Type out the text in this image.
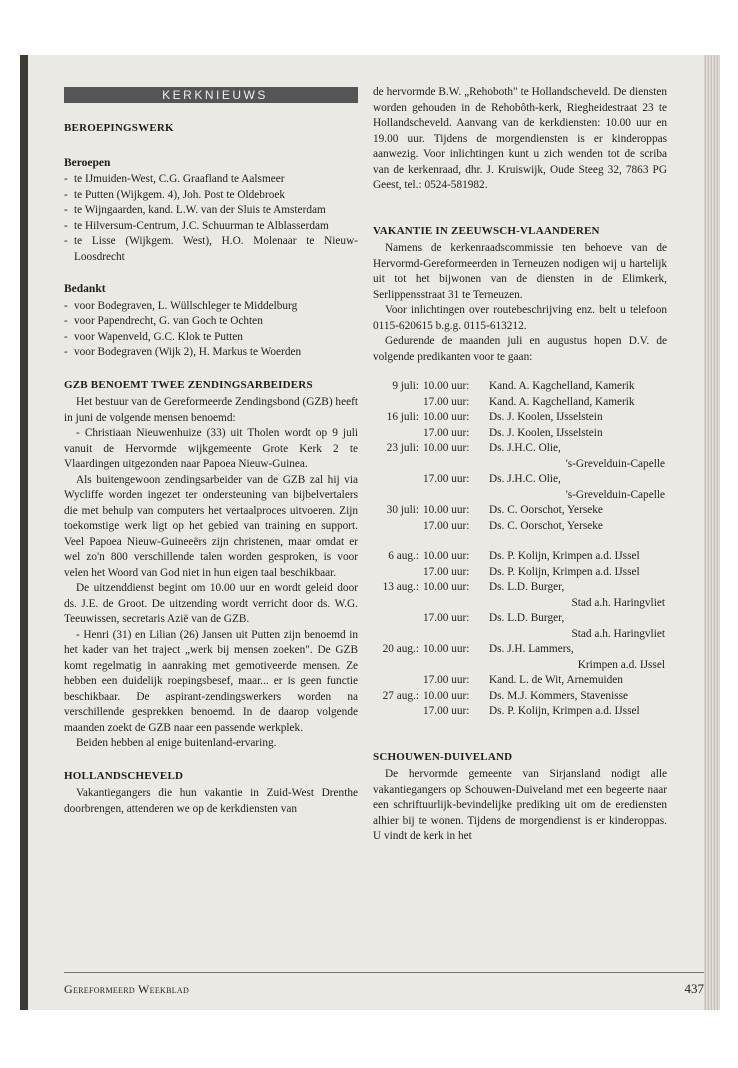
KERKNIEUWS
BEROEPINGSWERK
Beroepen
- te IJmuiden-West, C.G. Graafland te Aalsmeer
- te Putten (Wijkgem. 4), Joh. Post te Oldebroek
- te Wijngaarden, kand. L.W. van der Sluis te Amsterdam
- te Hilversum-Centrum, J.C. Schuurman te Alblasserdam
- te Lisse (Wijkgem. West), H.O. Molenaar te Nieuw-Loosdrecht
Bedankt
- voor Bodegraven, L. Wüllschleger te Middelburg
- voor Papendrecht, G. van Goch te Ochten
- voor Wapenveld, G.C. Klok te Putten
- voor Bodegraven (Wijk 2), H. Markus te Woerden
GZB BENOEMT TWEE ZENDINGSARBEIDERS

Het bestuur van de Gereformeerde Zendingsbond (GZB) heeft in juni de volgende mensen benoemd:

- Christiaan Nieuwenhuize (33) uit Tholen wordt op 9 juli vanuit de Hervormde wijkgemeente Grote Kerk 2 te Vlaardingen uitgezonden naar Papoea Nieuw-Guinea.

Als buitengewoon zendingsarbeider van de GZB zal hij via Wycliffe worden ingezet ter ondersteuning van bijbelvertalers die met behulp van computers het vertaalproces uitvoeren. Zijn toekomstige werk ligt op het gebied van training en support. Veel Papoea Nieuw-Guineeërs zijn christenen, maar omdat er wel zo'n 800 verschillende talen worden gesproken, is voor velen het Woord van God niet in hun eigen taal beschikbaar.

De uitzenddienst begint om 10.00 uur en wordt geleid door ds. J.E. de Groot. De uitzending wordt verricht door ds. W.G. Teeuwissen, secretaris Azië van de GZB.

- Henri (31) en Lilian (26) Jansen uit Putten zijn benoemd in het kader van het traject „werk bij mensen zoeken". De GZB komt regelmatig in aanraking met gemotiveerde mensen. Ze hebben een duidelijk roepingsbesef, maar... er is geen functie beschikbaar. De aspirant-zendingswerkers worden na verschillende gesprekken benoemd. In de daarop volgende maanden zoekt de GZB naar een passende werkplek.

Beiden hebben al enige buitenland-ervaring.

HOLLANDSCHEVELD

Vakantiegangers die hun vakantie in Zuid-West Drenthe doorbrengen, attenderen we op de kerkdiensten van

de hervormde B.W. „Rehoboth" te Hollandscheveld. De diensten worden gehouden in de Rehobôth-kerk, Riegheidestraat 23 te Hollandscheveld. Aanvang van de kerkdiensten: 10.00 uur en 19.00 uur. Tijdens de morgendiensten is er kinderoppas aanwezig. Voor inlichtingen kunt u zich wenden tot de scriba van de kerkenraad, dhr. J. Kruiswijk, Oude Steeg 32, 7863 PG Geest, tel.: 0524-581982.

VAKANTIE IN ZEEUWSCH-VLAANDEREN

Namens de kerkenraadscommissie ten behoeve van de Hervormd-Gereformeerden in Terneuzen nodigen wij u hartelijk uit tot het bijwonen van de diensten in de Elimkerk, Serlippensstraat 31 te Terneuzen.

Voor inlichtingen over routebeschrijving enz. belt u telefoon 0115-620615 b.g.g. 0115-613212.

Gedurende de maanden juli en augustus hopen D.V. de volgende predikanten voor te gaan:

9 juli:	10.00 uur:	Kand. A. Kagchelland, Kamerik
	17.00 uur:	Kand. A. Kagchelland, Kamerik
16 juli:	10.00 uur:	Ds. J. Koolen, IJsselstein
	17.00 uur:	Ds. J. Koolen, IJsselstein
23 juli:	10.00 uur:	Ds. J.H.C. Olie,
		's-Grevelduin-Capelle
	17.00 uur:	Ds. J.H.C. Olie,
		's-Grevelduin-Capelle
30 juli:	10.00 uur:	Ds. C. Oorschot, Yerseke
	17.00 uur:	Ds. C. Oorschot, Yerseke

6 aug.:	10.00 uur:	Ds. P. Kolijn, Krimpen a.d. IJssel
	17.00 uur:	Ds. P. Kolijn, Krimpen a.d. IJssel
13 aug.:	10.00 uur:	Ds. L.D. Burger,
		Stad a.h. Haringvliet
	17.00 uur:	Ds. L.D. Burger,
		Stad a.h. Haringvliet
20 aug.:	10.00 uur:	Ds. J.H. Lammers,
		Krimpen a.d. IJssel
	17.00 uur:	Kand. L. de Wit, Arnemuiden
27 aug.:	10.00 uur:	Ds. M.J. Kommers, Stavenisse
	17.00 uur:	Ds. P. Kolijn, Krimpen a.d. IJssel
SCHOUWEN-DUIVELAND

De hervormde gemeente van Sirjansland nodigt alle vakantiegangers op Schouwen-Duiveland met een begeerte naar een schriftuurlijk-bevindelijke prediking uit om de erediensten alhier bij te wonen. Tijdens de morgendienst is er kinderoppas. U vindt de kerk in het

Gereformeerd Weekblad	437
